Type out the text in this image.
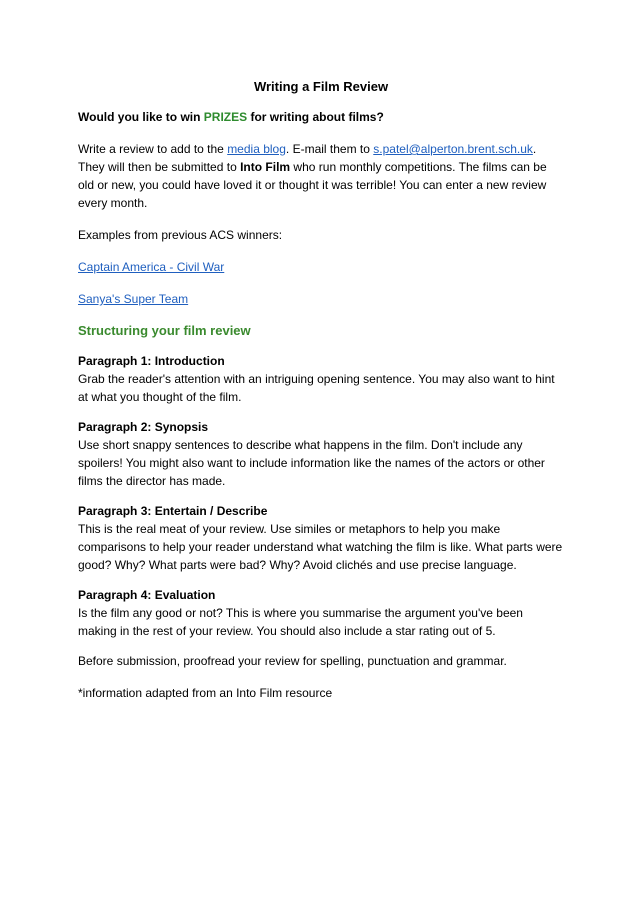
Writing a Film Review
Would you like to win PRIZES for writing about films?

Write a review to add to the media blog. E-mail them to s.patel@alperton.brent.sch.uk. They will then be submitted to Into Film who run monthly competitions. The films can be old or new, you could have loved it or thought it was terrible! You can enter a new review every month.

Examples from previous ACS winners:

Captain America - Civil War

Sanya's Super Team

Structuring your film review
Paragraph 1: Introduction

Grab the reader's attention with an intriguing opening sentence. You may also want to hint at what you thought of the film.

Paragraph 2: Synopsis

Use short snappy sentences to describe what happens in the film. Don't include any spoilers! You might also want to include information like the names of the actors or other films the director has made.

Paragraph 3: Entertain / Describe

This is the real meat of your review. Use similes or metaphors to help you make comparisons to help your reader understand what watching the film is like. What parts were good? Why? What parts were bad? Why? Avoid clichés and use precise language.

Paragraph 4: Evaluation

Is the film any good or not? This is where you summarise the argument you've been making in the rest of your review. You should also include a star rating out of 5.

Before submission, proofread your review for spelling, punctuation and grammar.

*information adapted from an Into Film resource
